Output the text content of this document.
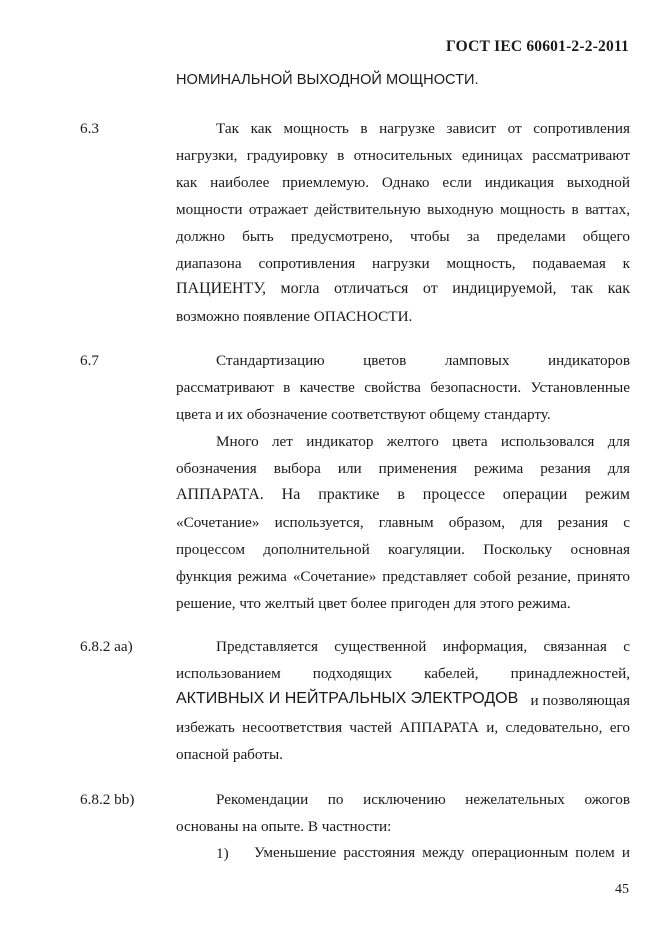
ГОСТ IEC 60601-2-2-2011
НОМИНАЛЬНОЙ ВЫХОДНОЙ МОЩНОСТИ.
6.3	Так как мощность в нагрузке зависит от сопротивления
нагрузки, градуировку в относительных единицах рассматривают
как наиболее приемлемую. Однако если индикация выходной
мощности отражает действительную выходную мощность в ваттах,
должно быть предусмотрено, чтобы за пределами общего
диапазона сопротивления нагрузки мощность, подаваемая к
ПАЦИЕНТУ, могла отличаться от индицируемой, так как
возможно появление ОПАСНОСТИ.
6.7	Стандартизацию цветов ламповых индикаторов
рассматривают в качестве свойства безопасности. Установленные
цвета и их обозначение соответствуют общему стандарту.
Много лет индикатор желтого цвета использовался для
обозначения выбора или применения режима резания для
АППАРАТА. На практике в процессе операции режим
«Сочетание» используется, главным образом, для резания с
процессом дополнительной коагуляции. Поскольку основная
функция режима «Сочетание» представляет собой резание, принято
решение, что желтый цвет более пригоден для этого режима.
6.8.2 аа)	Представляется существенной информация, связанная с
использованием подходящих кабелей, принадлежностей,
АКТИВНЫХ И НЕЙТРАЛЬНЫХ ЭЛЕКТРОДОВ и позволяющая
избежать несоответствия частей АППАРАТА и, следовательно, его
опасной работы.
6.8.2 bb)	Рекомендации по исключению нежелательных ожогов
основаны на опыте. В частности:
1) Уменьшение расстояния между операционным полем и
45
